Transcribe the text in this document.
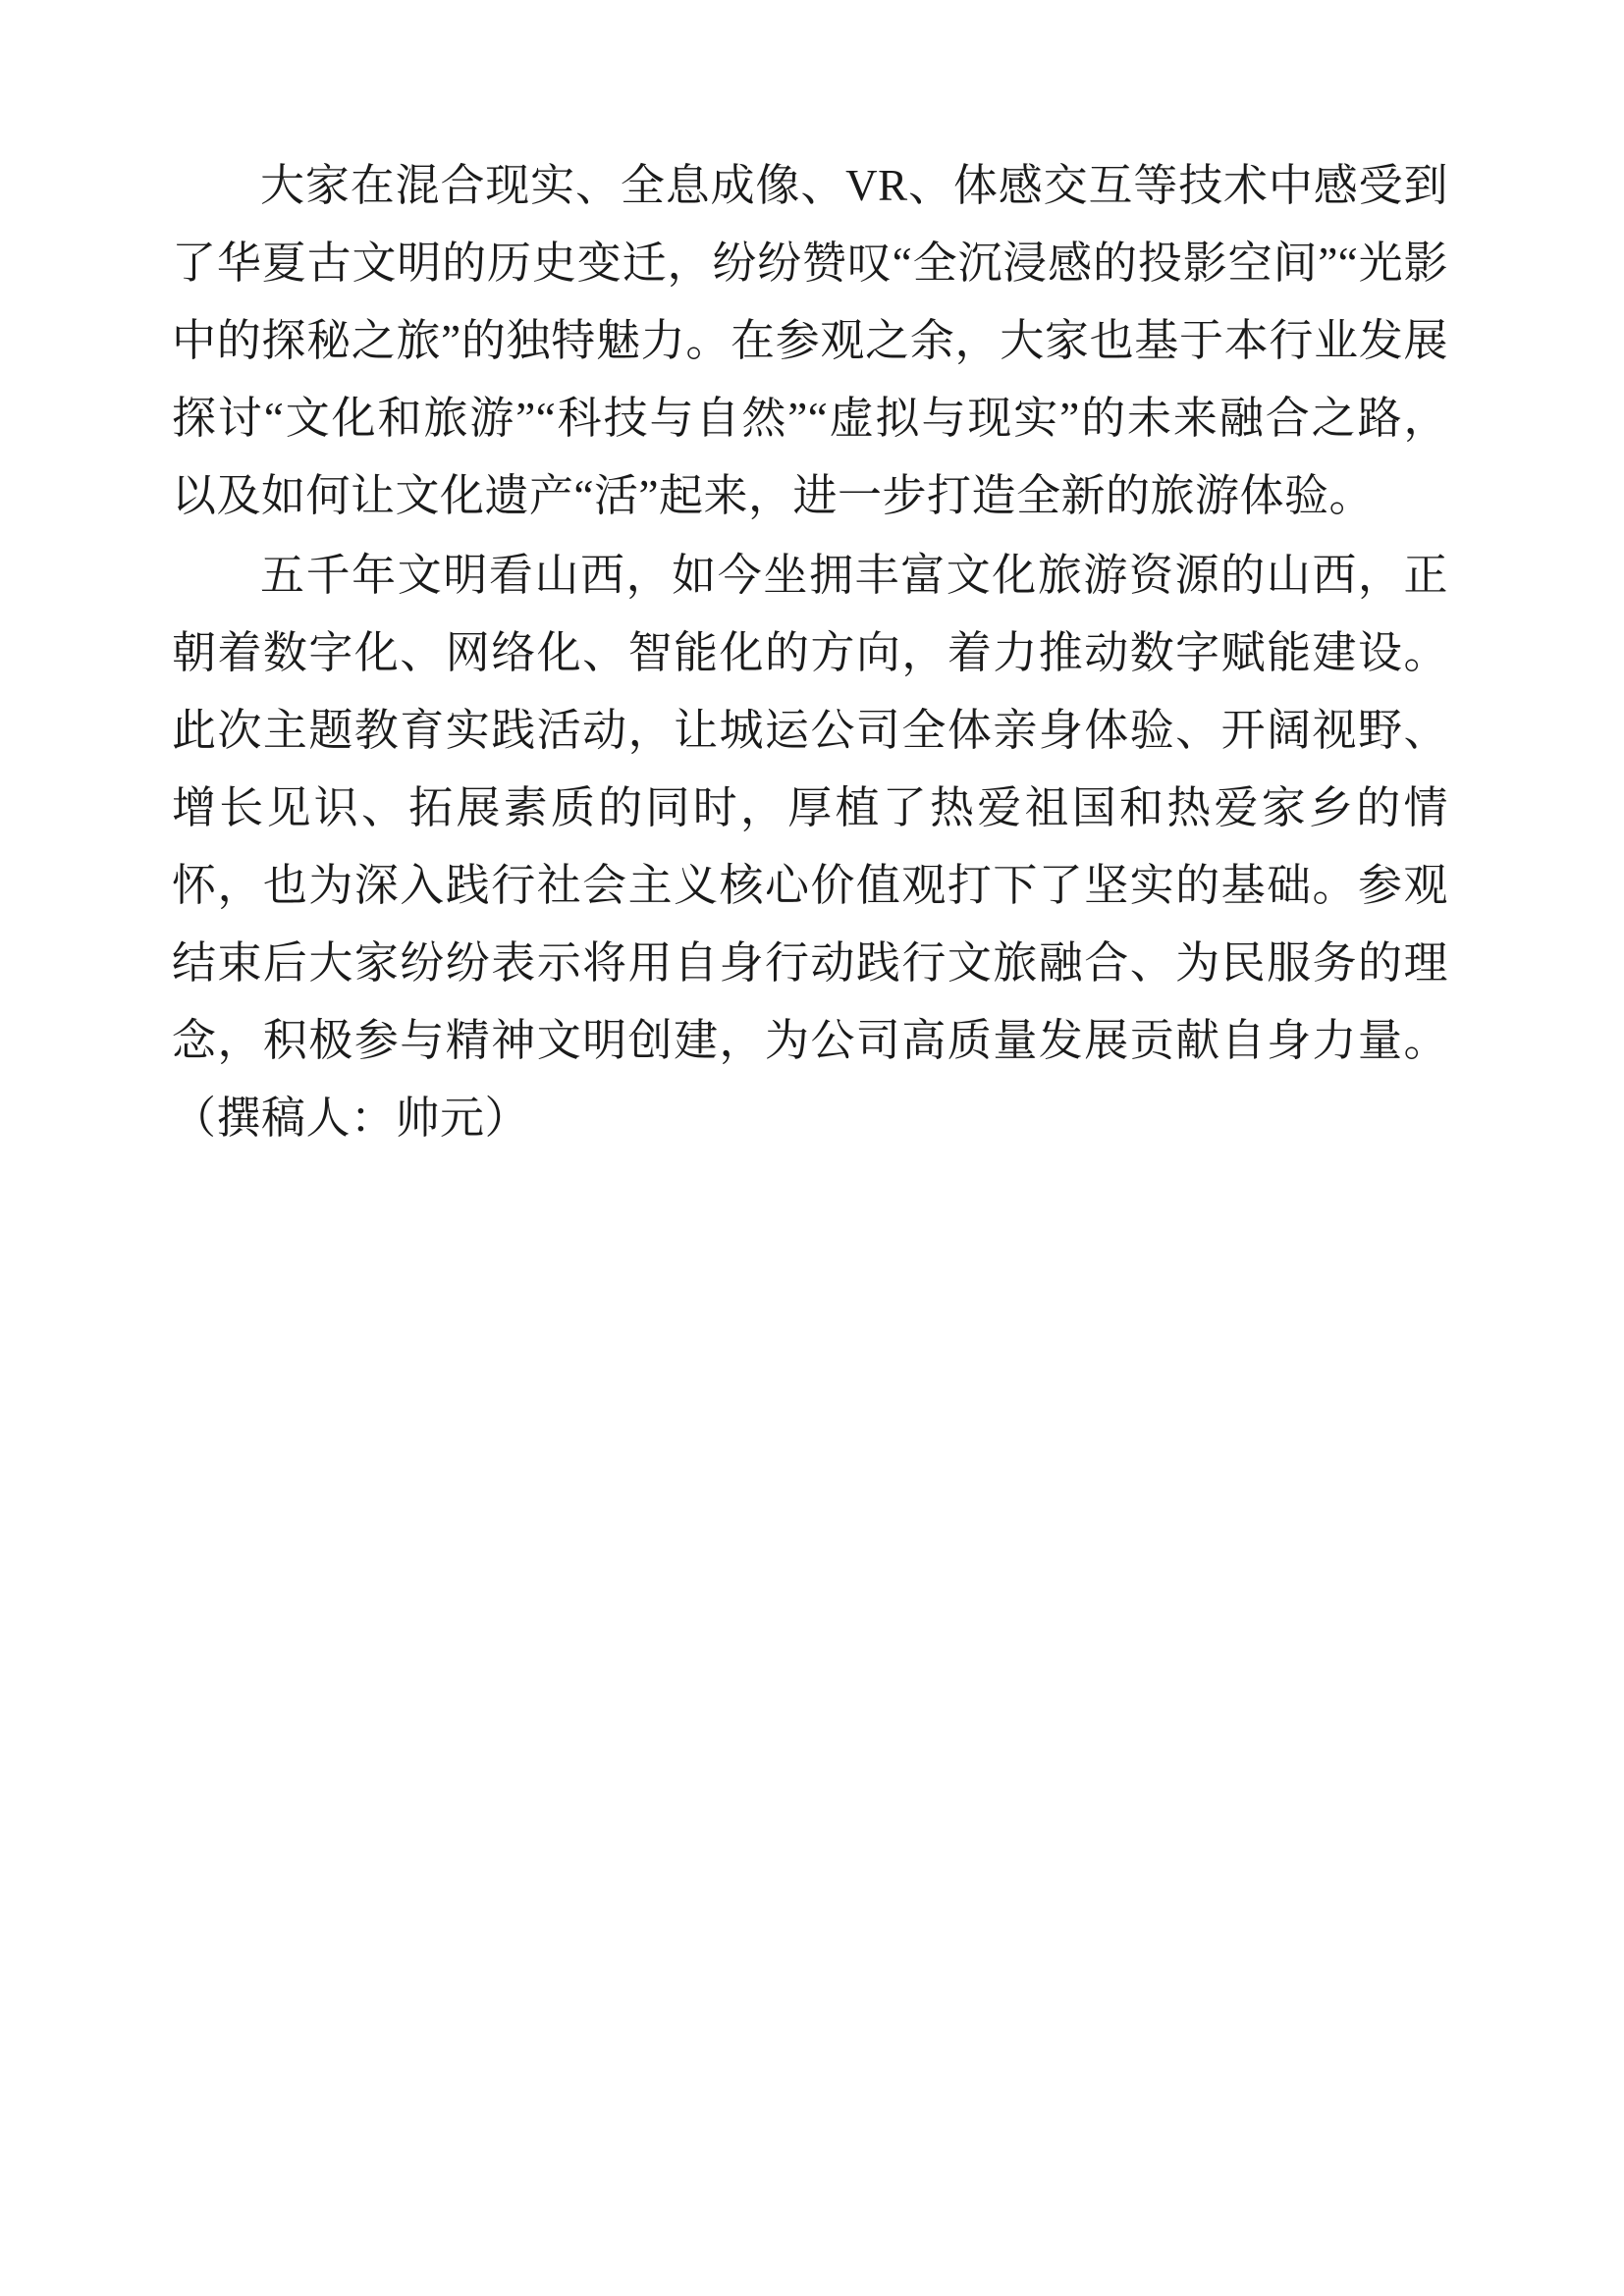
大家在混合现实、全息成像、VR、体感交互等技术中感受到了华夏古文明的历史变迁，纷纷赞叹“全沉浸感的投影空间”“光影中的探秘之旅”的独特魅力。在参观之余，大家也基于本行业发展探讨“文化和旅游”“科技与自然”“虚拟与现实”的未来融合之路，以及如何让文化遗产“活”起来，进一步打造全新的旅游体验。

五千年文明看山西，如今坐拥丰富文化旅游资源的山西，正朝着数字化、网络化、智能化的方向，着力推动数字赋能建设。此次主题教育实践活动，让城运公司全体亲身体验、开阔视野、增长见识、拓展素质的同时，厚植了热爱祖国和热爱家乡的情怀，也为深入践行社会主义核心价值观打下了坚实的基础。参观结束后大家纷纷表示将用自身行动践行文旅融合、为民服务的理念，积极参与精神文明创建，为公司高质量发展贡献自身力量。（撰稿人：帅元）
